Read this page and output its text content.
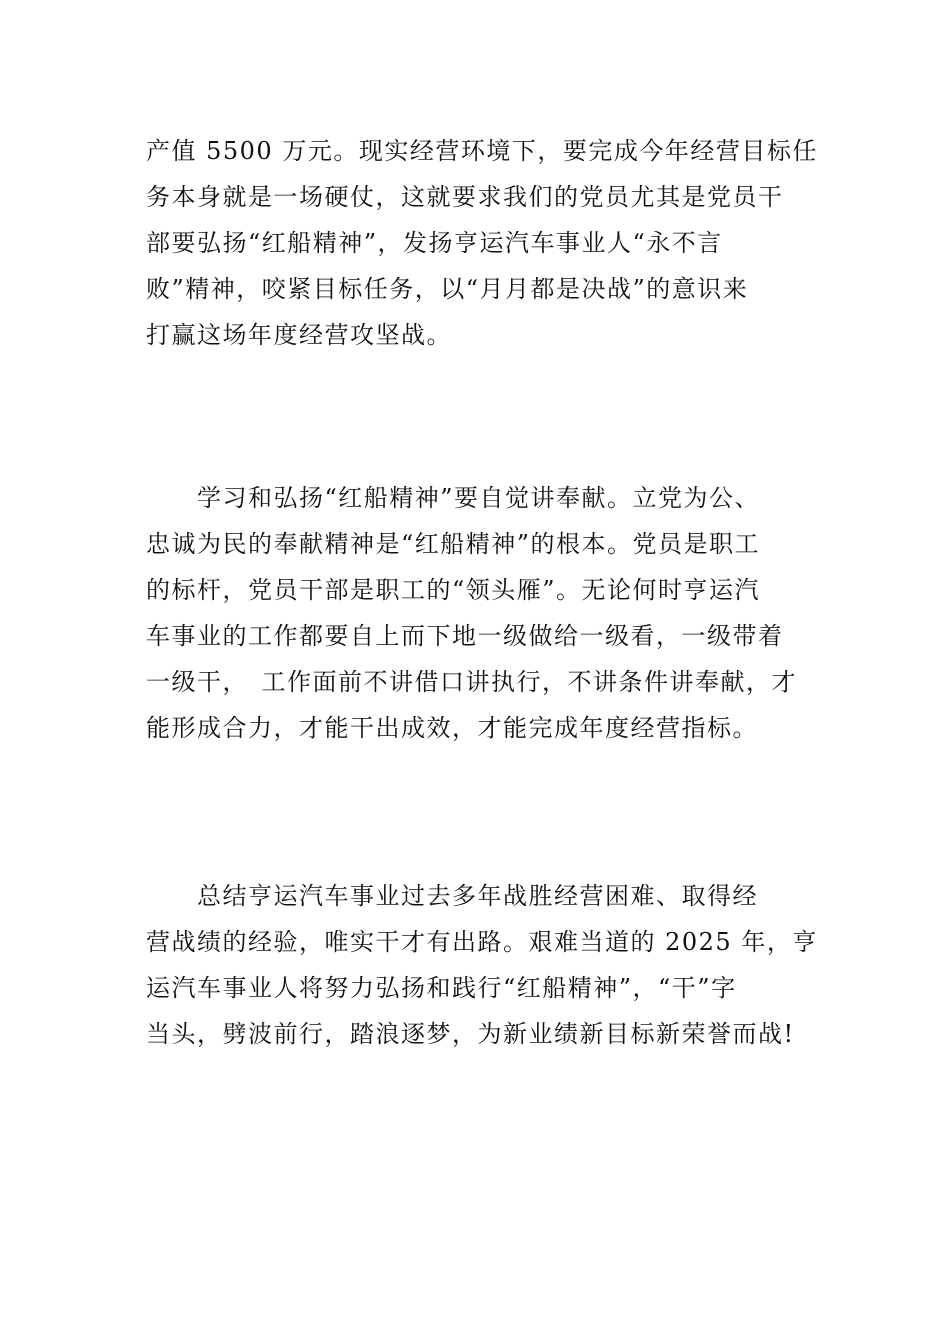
产值 5500 万元。现实经营环境下，要完成今年经营目标任
务本身就是一场硬仗，这就要求我们的党员尤其是党员干
部要弘扬“红船精神”，发扬亨运汽车事业人“永不言
败”精神，咬紧目标任务，以“月月都是决战”的意识来
打赢这场年度经营攻坚战。

　　学习和弘扬“红船精神”要自觉讲奉献。立党为公、
忠诚为民的奉献精神是“红船精神”的根本。党员是职工
的标杆，党员干部是职工的“领头雁”。无论何时亨运汽
车事业的工作都要自上而下地一级做给一级看，一级带着
一级干，　工作面前不讲借口讲执行，不讲条件讲奉献，才
能形成合力，才能干出成效，才能完成年度经营指标。

　　总结亨运汽车事业过去多年战胜经营困难、取得经
营战绩的经验，唯实干才有出路。艰难当道的 2025 年，亨
运汽车事业人将努力弘扬和践行“红船精神”，“干”字
当头，劈波前行，踏浪逐梦，为新业绩新目标新荣誉而战!
